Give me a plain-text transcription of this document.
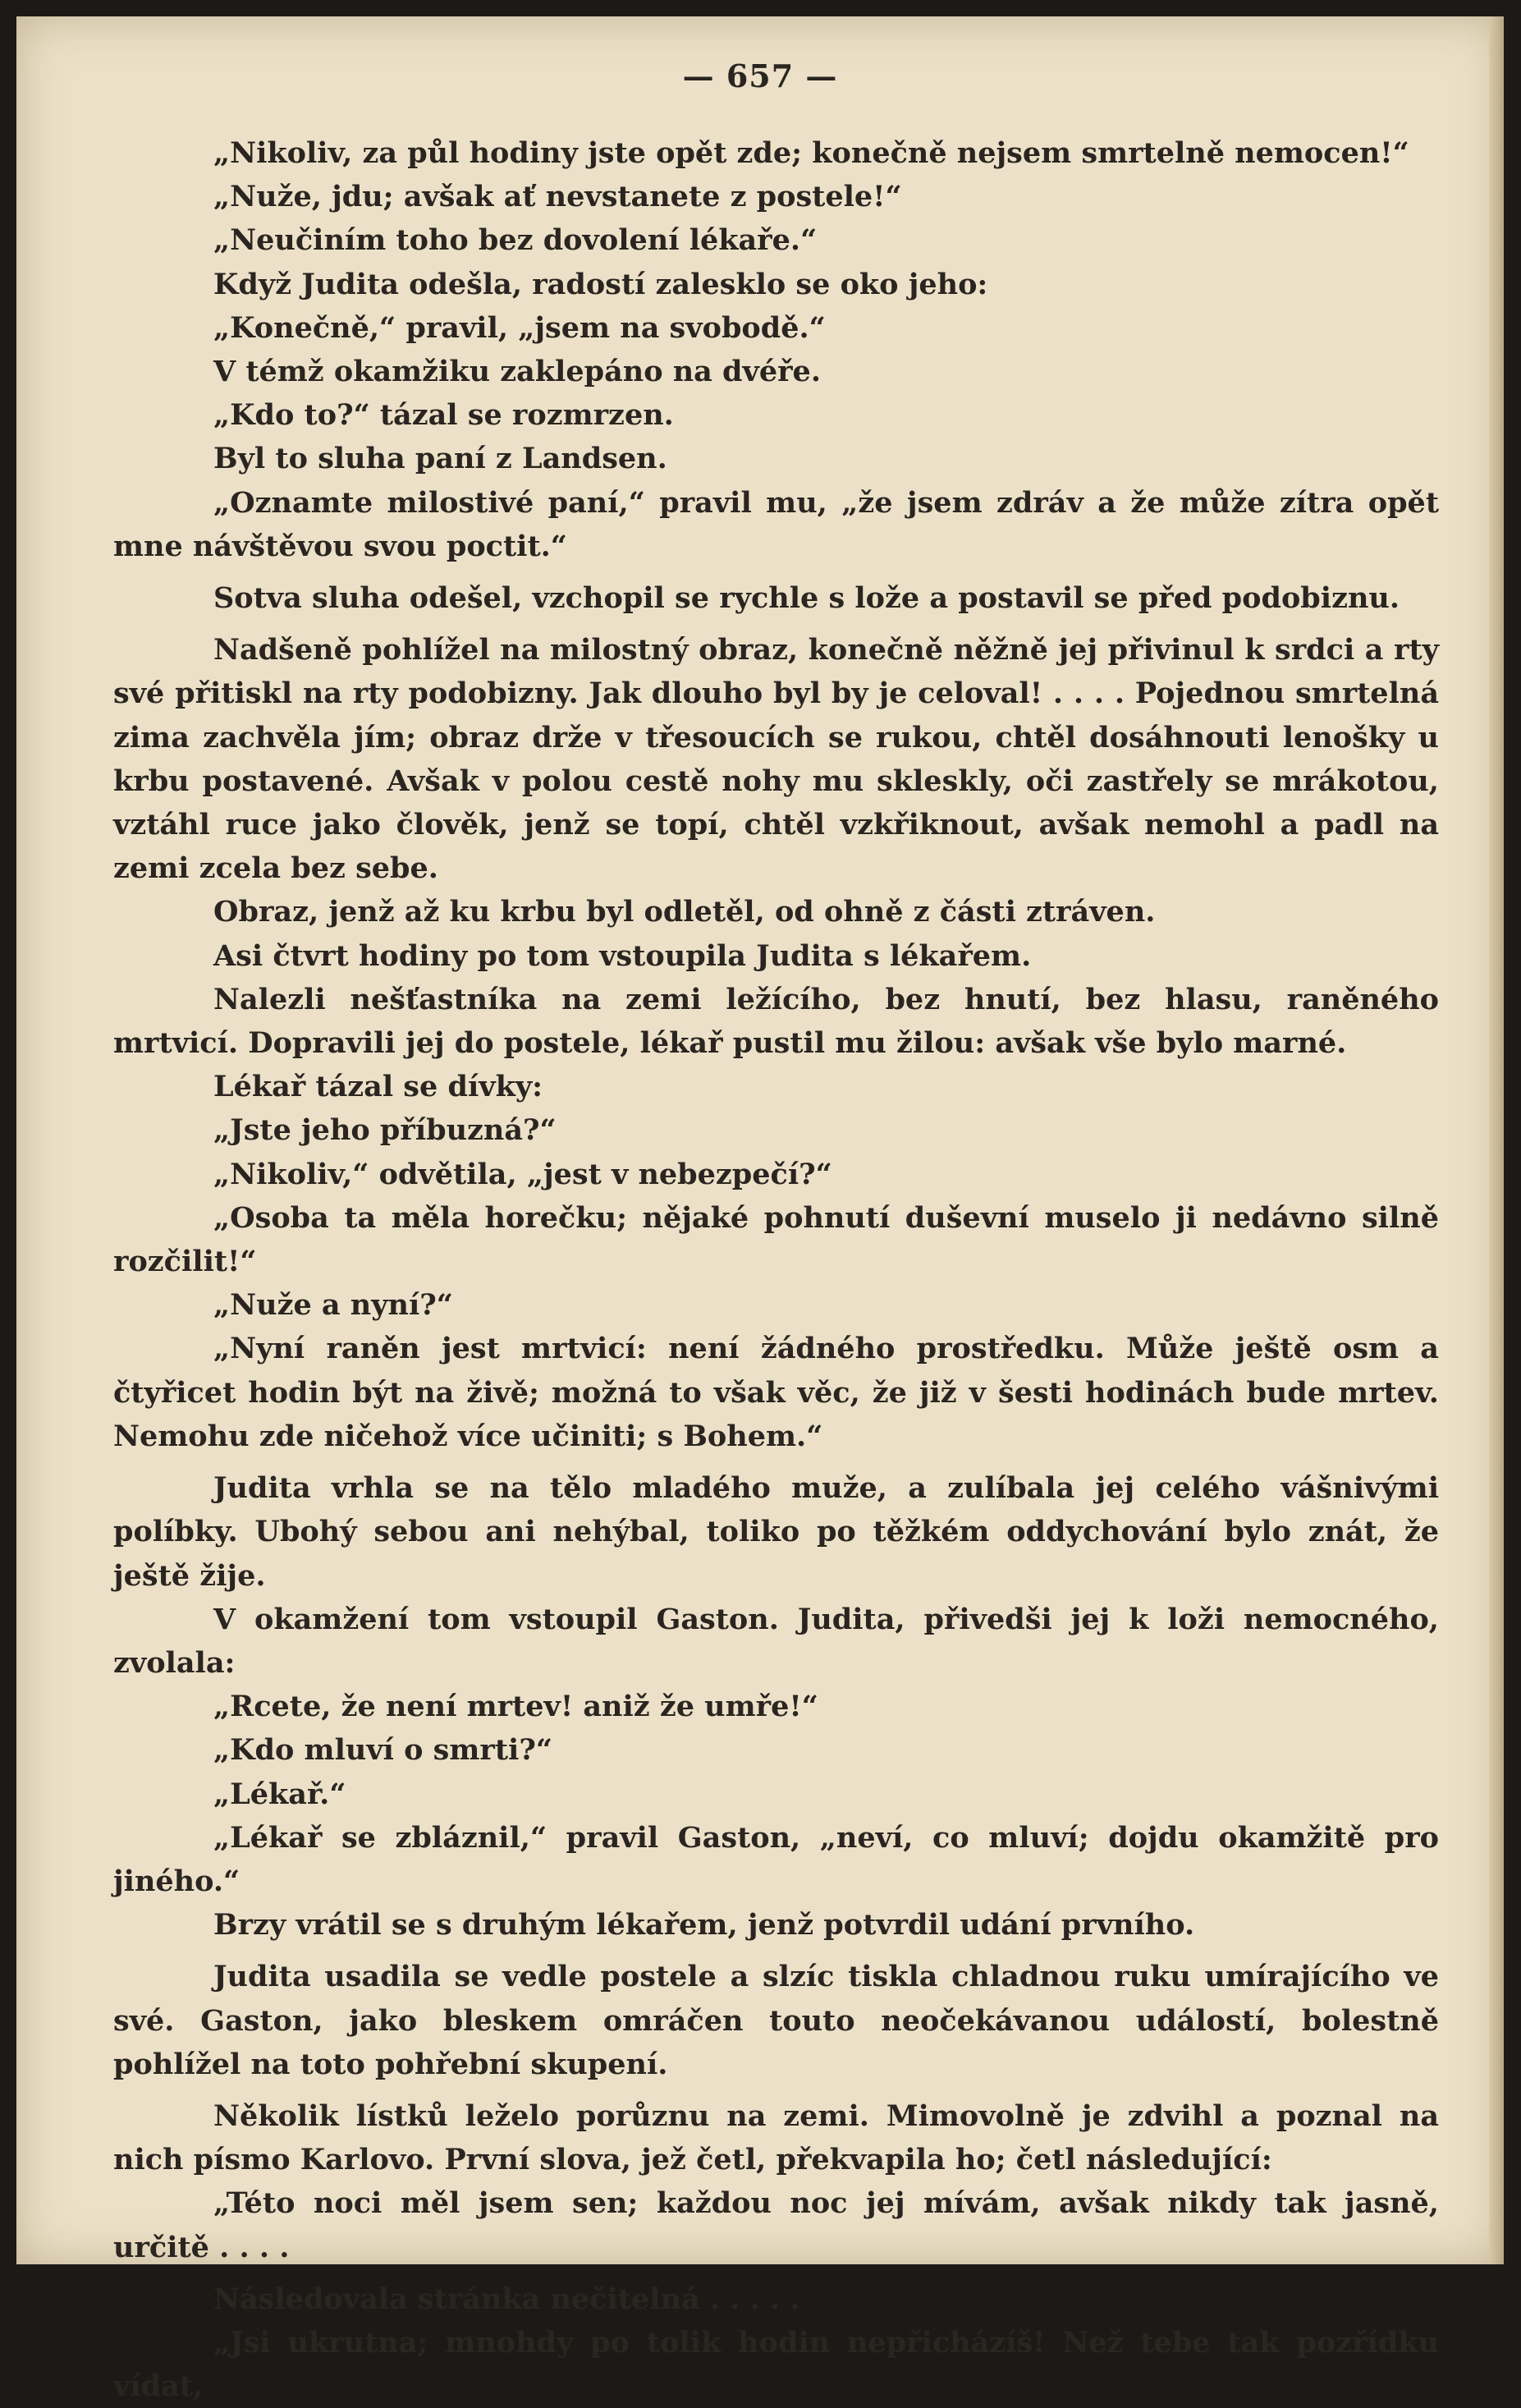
— 657 —

„Nikoliv, za půl hodiny jste opět zde; konečně nejsem smrtelně nemocen!“

„Nuže, jdu; avšak ať nevstanete z postele!“

„Neučiním toho bez dovolení lékaře.“

Když Judita odešla, radostí zalesklo se oko jeho:

„Konečně,“ pravil, „jsem na svobodě.“

V témž okamžiku zaklepáno na dvéře.

„Kdo to?“ tázal se rozmrzen.

Byl to sluha paní z Landsen.

„Oznamte milostivé paní,“ pravil mu, „že jsem zdráv a že může zítra opět mne návštěvou svou poctit.“

Sotva sluha odešel, vzchopil se rychle s lože a postavil se před podobiznu.

Nadšeně pohlížel na milostný obraz, konečně něžně jej přivinul k srdci a rty své přitiskl na rty podobizny. Jak dlouho byl by je celoval! . . . . Pojednou smrtelná zima zachvěla jím; obraz drže v třesoucích se rukou, chtěl dosáhnouti lenošky u krbu postavené. Avšak v polou cestě nohy mu skleskly, oči zastřely se mrákotou, vztáhl ruce jako člověk, jenž se topí, chtěl vzkřiknout, avšak nemohl a padl na zemi zcela bez sebe.

Obraz, jenž až ku krbu byl odletěl, od ohně z části ztráven.

Asi čtvrt hodiny po tom vstoupila Judita s lékařem.

Nalezli nešťastníka na zemi ležícího, bez hnutí, bez hlasu, raněného mrtvicí. Dopravili jej do postele, lékař pustil mu žilou: avšak vše bylo marné.

Lékař tázal se dívky:

„Jste jeho příbuzná?“

„Nikoliv,“ odvětila, „jest v nebezpečí?“

„Osoba ta měla horečku; nějaké pohnutí duševní muselo ji nedávno silně rozčilit!“

„Nuže a nyní?“

„Nyní raněn jest mrtvicí: není žádného prostředku. Může ještě osm a čtyřicet hodin být na živě; možná to však věc, že již v šesti hodinách bude mrtev. Nemohu zde ničehož více učiniti; s Bohem.“

Judita vrhla se na tělo mladého muže, a zulíbala jej celého vášnivými políbky. Ubohý sebou ani nehýbal, toliko po těžkém oddychování bylo znát, že ještě žije.

V okamžení tom vstoupil Gaston. Judita, přivedši jej k loži nemocného, zvolala:

„Rcete, že není mrtev! aniž že umře!“

„Kdo mluví o smrti?“

„Lékař.“

„Lékař se zbláznil,“ pravil Gaston, „neví, co mluví; dojdu okamžitě pro jiného.“

Brzy vrátil se s druhým lékařem, jenž potvrdil udání prvního.

Judita usadila se vedle postele a slzíc tiskla chladnou ruku umírajícího ve své. Gaston, jako bleskem omráčen touto neočekávanou událostí, bolestně pohlížel na toto pohřební skupení.

Několik lístků leželo porůznu na zemi. Mimovolně je zdvihl a poznal na nich písmo Karlovo. První slova, jež četl, překvapila ho; četl následující:

„Této noci měl jsem sen; každou noc jej mívám, avšak nikdy tak jasně, určitě . . . .

Následovala stránka nečitelná . . . . .

„Jsi ukrutna; mnohdy po tolik hodin nepřicházíš! Než tebe tak pozřídku vídat,
